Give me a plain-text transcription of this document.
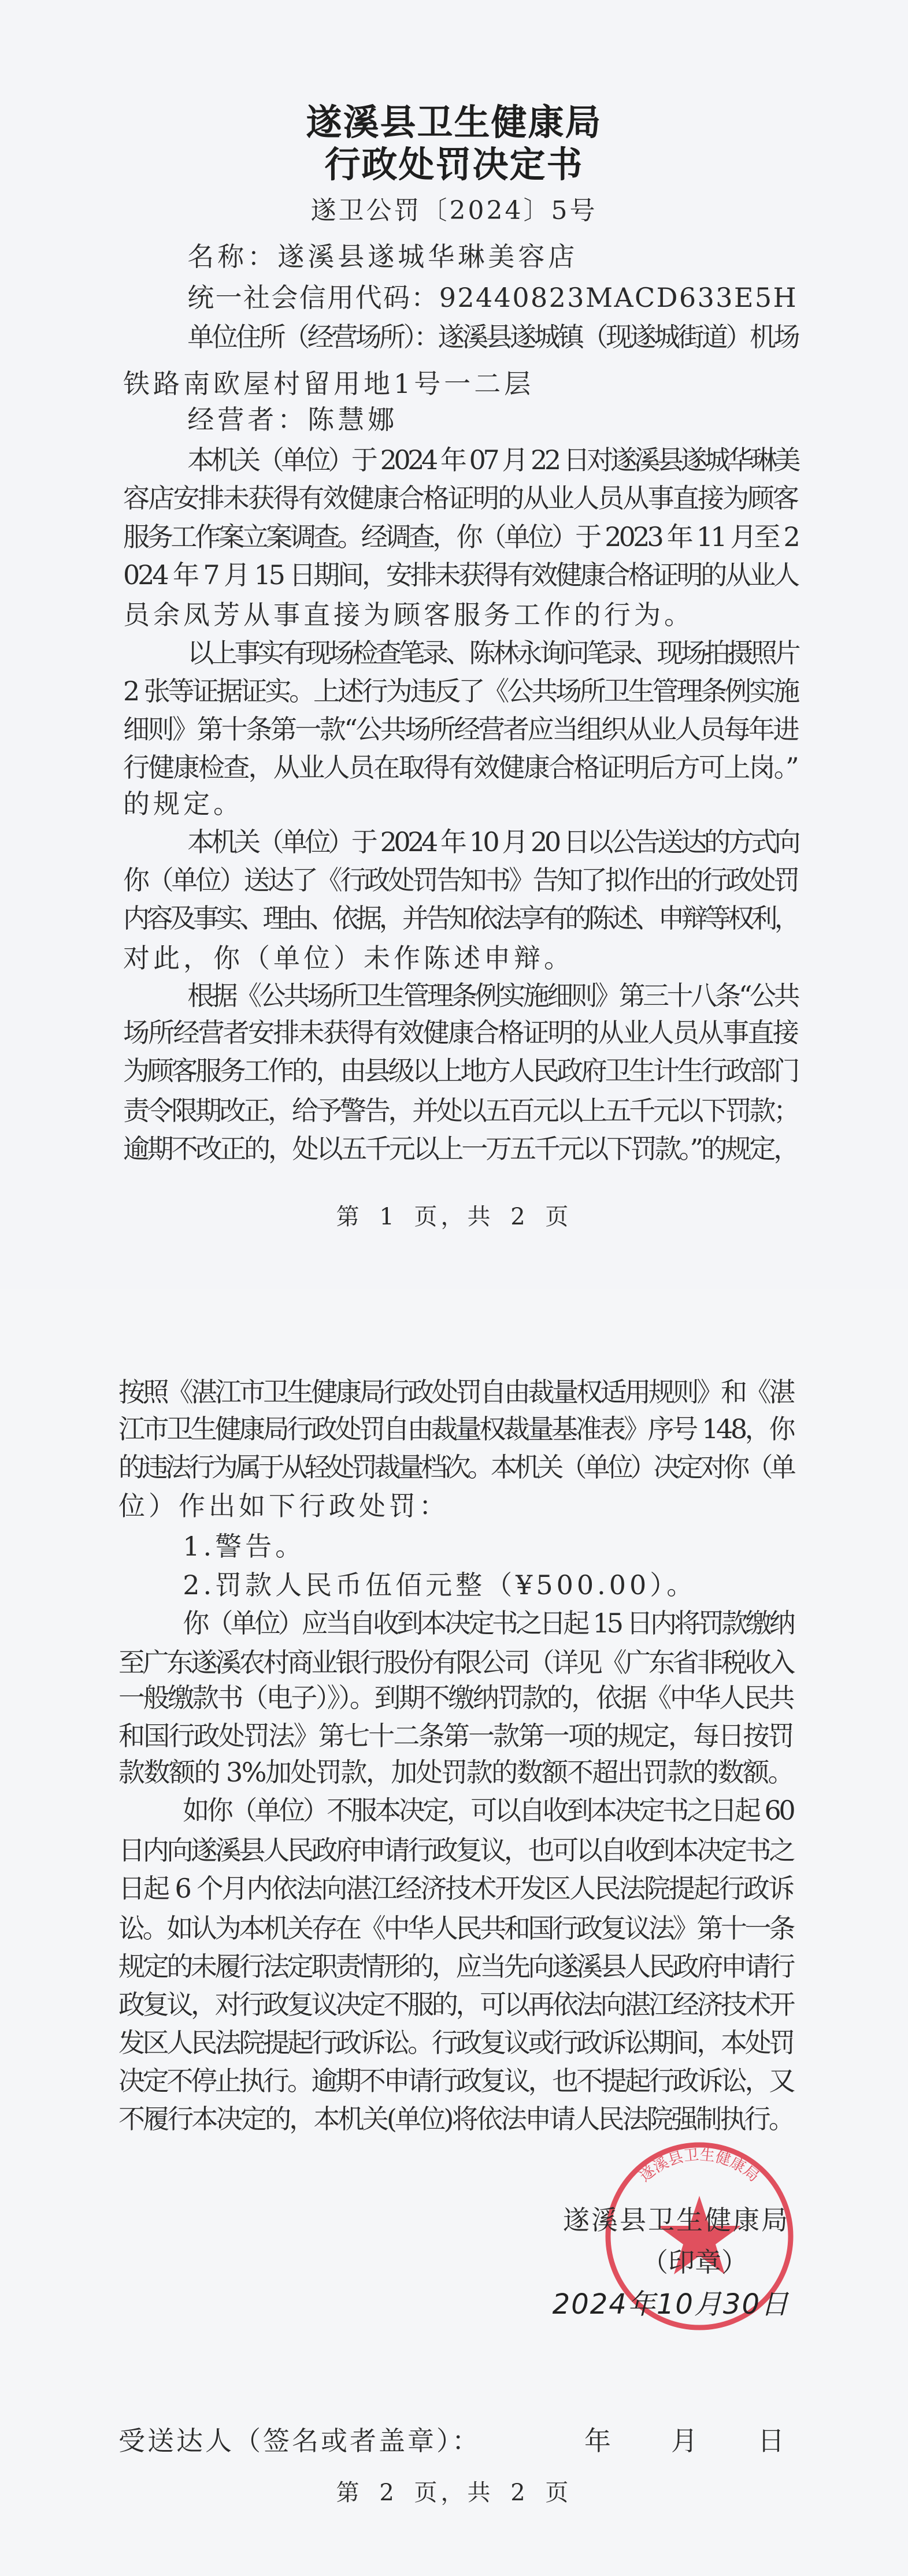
遂溪县卫生健康局
行政处罚决定书
遂卫公罚〔2024〕5号
名称：遂溪县遂城华琳美容店
统一社会信用代码：92440823MACD633E5H
单位住所（经营场所）：遂溪县遂城镇（现遂城街道）机场
铁路南欧屋村留用地1号一二层
经营者：陈慧娜
本机关（单位）于 2024 年 07 月 22 日对遂溪县遂城华琳美
容店安排未获得有效健康合格证明的从业人员从事直接为顾客
服务工作案立案调查。经调查，你（单位）于 2023 年 11 月至 2
024 年 7 月 15 日期间，安排未获得有效健康合格证明的从业人
员余凤芳从事直接为顾客服务工作的行为。
以上事实有现场检查笔录、陈林永询问笔录、现场拍摄照片
2 张等证据证实。上述行为违反了《公共场所卫生管理条例实施
细则》第十条第一款“公共场所经营者应当组织从业人员每年进
行健康检查，从业人员在取得有效健康合格证明后方可上岗。”
的规定。
本机关（单位）于 2024 年 10 月 20 日以公告送达的方式向
你（单位）送达了《行政处罚告知书》告知了拟作出的行政处罚
内容及事实、理由、依据，并告知依法享有的陈述、申辩等权利，
对此，你（单位）未作陈述申辩。
根据《公共场所卫生管理条例实施细则》第三十八条“公共
场所经营者安排未获得有效健康合格证明的从业人员从事直接
为顾客服务工作的，由县级以上地方人民政府卫生计生行政部门
责令限期改正，给予警告，并处以五百元以上五千元以下罚款；
逾期不改正的，处以五千元以上一万五千元以下罚款。”的规定，
按照《湛江市卫生健康局行政处罚自由裁量权适用规则》和《湛
江市卫生健康局行政处罚自由裁量权裁量基准表》序号 148，你
的违法行为属于从轻处罚裁量档次。本机关（单位）决定对你（单
位）作出如下行政处罚：
1.警告。
2.罚款人民币伍佰元整（¥500.00）。
你（单位）应当自收到本决定书之日起 15 日内将罚款缴纳
至广东遂溪农村商业银行股份有限公司（详见《广东省非税收入
一般缴款书（电子）》）。到期不缴纳罚款的，依据《中华人民共
和国行政处罚法》第七十二条第一款第一项的规定，每日按罚
款数额的 3%加处罚款，加处罚款的数额不超出罚款的数额。
如你（单位）不服本决定，可以自收到本决定书之日起 60
日内向遂溪县人民政府申请行政复议，也可以自收到本决定书之
日起 6 个月内依法向湛江经济技术开发区人民法院提起行政诉
讼。如认为本机关存在《中华人民共和国行政复议法》第十一条
规定的未履行法定职责情形的，应当先向遂溪县人民政府申请行
政复议，对行政复议决定不服的，可以再依法向湛江经济技术开
发区人民法院提起行政诉讼。行政复议或行政诉讼期间，本处罚
决定不停止执行。逾期不申请行政复议，也不提起行政诉讼，又
不履行本决定的，本机关(单位)将依法申请人民法院强制执行。
第 1 页，共 2 页
遂溪县卫生健康局
遂溪县卫生健康局
（印章）
2024年10月30日
受送达人（签名或者盖章）：	年　　月　　日
第 2 页，共 2 页
